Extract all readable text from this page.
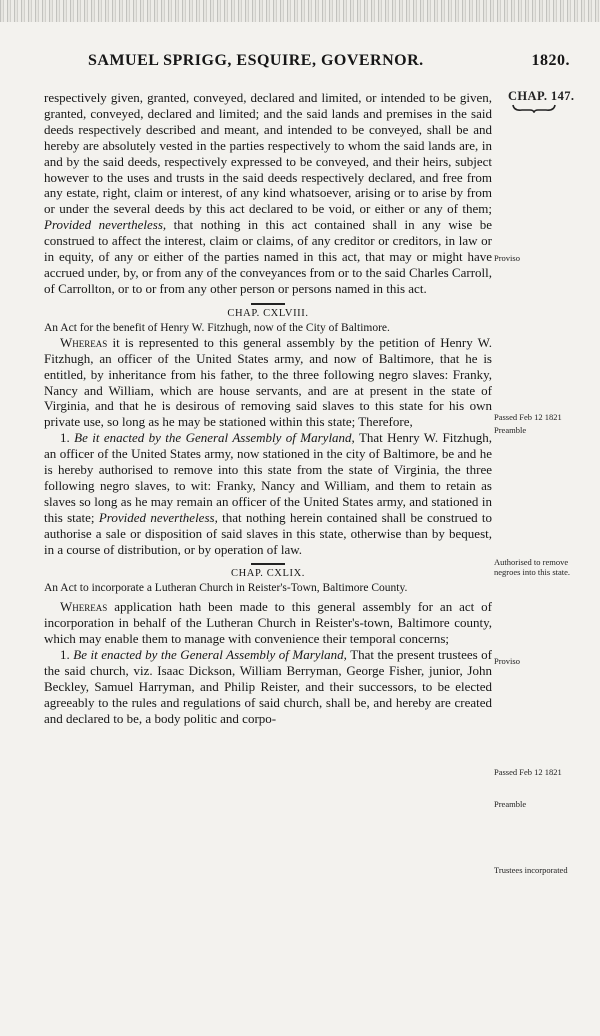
SAMUEL SPRIGG, ESQUIRE, GOVERNOR.	1820.
CHAP. 147.
Proviso
Passed Feb 12 1821
Preamble
Authorised to remove negroes into this state.
Proviso
Passed Feb 12 1821
Preamble
Trustees incorporated

respectively given, granted, conveyed, declared and limited, or intended to be given, granted, conveyed, declared and limited; and the said lands and premises in the said deeds respectively described and meant, and intended to be conveyed, shall be and hereby are absolutely vested in the parties respectively to whom the said lands are, in and by the said deeds, respectively expressed to be conveyed, and their heirs, subject however to the uses and trusts in the said deeds respectively declared, and free from any estate, right, claim or interest, of any kind whatsoever, arising or to arise by from or under the several deeds by this act declared to be void, or either or any of them; Provided nevertheless, that nothing in this act contained shall in any wise be construed to affect the interest, claim or claims, of any creditor or creditors, in law or in equity, of any or either of the parties named in this act, that may or might have accrued under, by, or from any of the conveyances from or to the said Charles Carroll, of Carrollton, or to or from any other person or persons named in this act.

CHAP. CXLVIII.

An Act for the benefit of Henry W. Fitzhugh, now of the City of Baltimore.

Whereas it is represented to this general assembly by the petition of Henry W. Fitzhugh, an officer of the United States army, and now of Baltimore, that he is entitled, by inheritance from his father, to the three following negro slaves: Franky, Nancy and William, which are house servants, and are at present in the state of Virginia, and that he is desirous of removing said slaves to this state for his own private use, so long as he may be stationed within this state; Therefore,

1. Be it enacted by the General Assembly of Maryland, That Henry W. Fitzhugh, an officer of the United States army, now stationed in the city of Baltimore, be and he is hereby authorised to remove into this state from the state of Virginia, the three following negro slaves, to wit: Franky, Nancy and William, and them to retain as slaves so long as he may remain an officer of the United States army, and stationed in this state; Provided nevertheless, that nothing herein contained shall be construed to authorise a sale or disposition of said slaves in this state, otherwise than by bequest, in a course of distribution, or by operation of law.

CHAP. CXLIX.

An Act to incorporate a Lutheran Church in Reister's-Town, Baltimore County.

Whereas application hath been made to this general assembly for an act of incorporation in behalf of the Lutheran Church in Reister's-town, Baltimore county, which may enable them to manage with convenience their temporal concerns;

1. Be it enacted by the General Assembly of Maryland, That the present trustees of the said church, viz. Isaac Dickson, William Berryman, George Fisher, junior, John Beckley, Samuel Harryman, and Philip Reister, and their successors, to be elected agreeably to the rules and regulations of said church, shall be, and hereby are created and declared to be, a body politic and corpo-
